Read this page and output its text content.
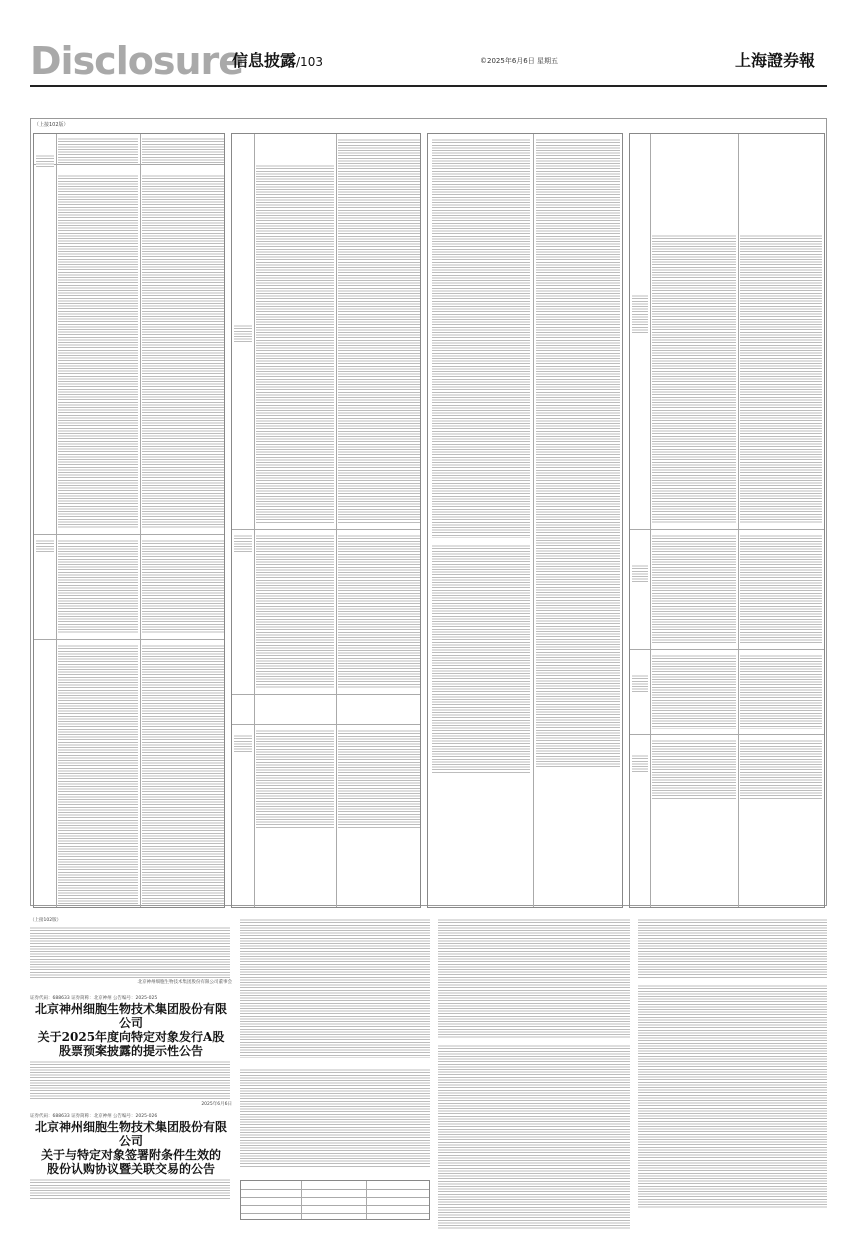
Disclosure
信息披露/103	©2025年6月6日 星期五	上海證券報
（上接102版）
（上接102版）
北京神州细胞生物技术集团股份有限公司董事会
证券代码：688633 证券简称：北京神州 公告编号：2025-025

北京神州细胞生物技术集团股份有限公司

关于2025年度向特定对象发行A股

股票预案披露的提示性公告

2025年6月6日
证券代码：688633 证券简称：北京神州 公告编号：2025-026

北京神州细胞生物技术集团股份有限公司

关于与特定对象签署附条件生效的

股份认购协议暨关联交易的公告
